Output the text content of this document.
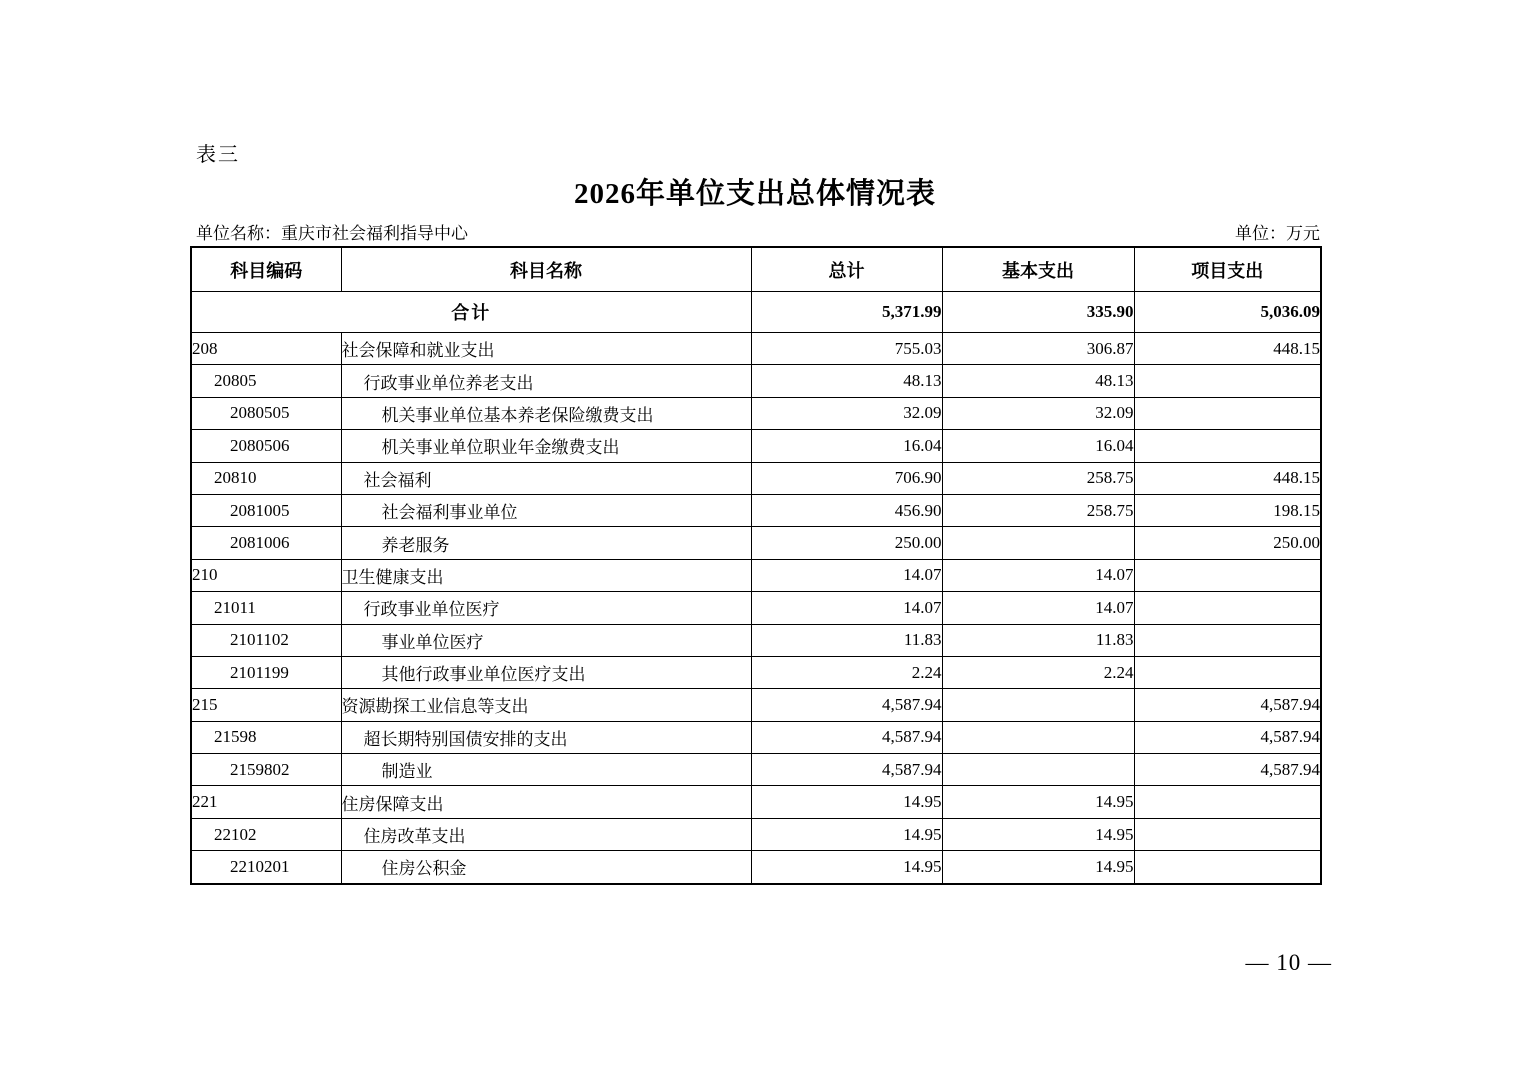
表三
2026年单位支出总体情况表
单位名称：重庆市社会福利指导中心	单位：万元
科目编码	科目名称	总计	基本支出	项目支出
合计		5,371.99	335.90	5,036.09
208	社会保障和就业支出	755.03	306.87	448.15
20805	行政事业单位养老支出	48.13	48.13	
2080505	机关事业单位基本养老保险缴费支出	32.09	32.09	
2080506	机关事业单位职业年金缴费支出	16.04	16.04	
20810	社会福利	706.90	258.75	448.15
2081005	社会福利事业单位	456.90	258.75	198.15
2081006	养老服务	250.00		250.00
210	卫生健康支出	14.07	14.07	
21011	行政事业单位医疗	14.07	14.07	
2101102	事业单位医疗	11.83	11.83	
2101199	其他行政事业单位医疗支出	2.24	2.24	
215	资源勘探工业信息等支出	4,587.94		4,587.94
21598	超长期特别国债安排的支出	4,587.94		4,587.94
2159802	制造业	4,587.94		4,587.94
221	住房保障支出	14.95	14.95	
22102	住房改革支出	14.95	14.95	
2210201	住房公积金	14.95	14.95	
— 10 —
